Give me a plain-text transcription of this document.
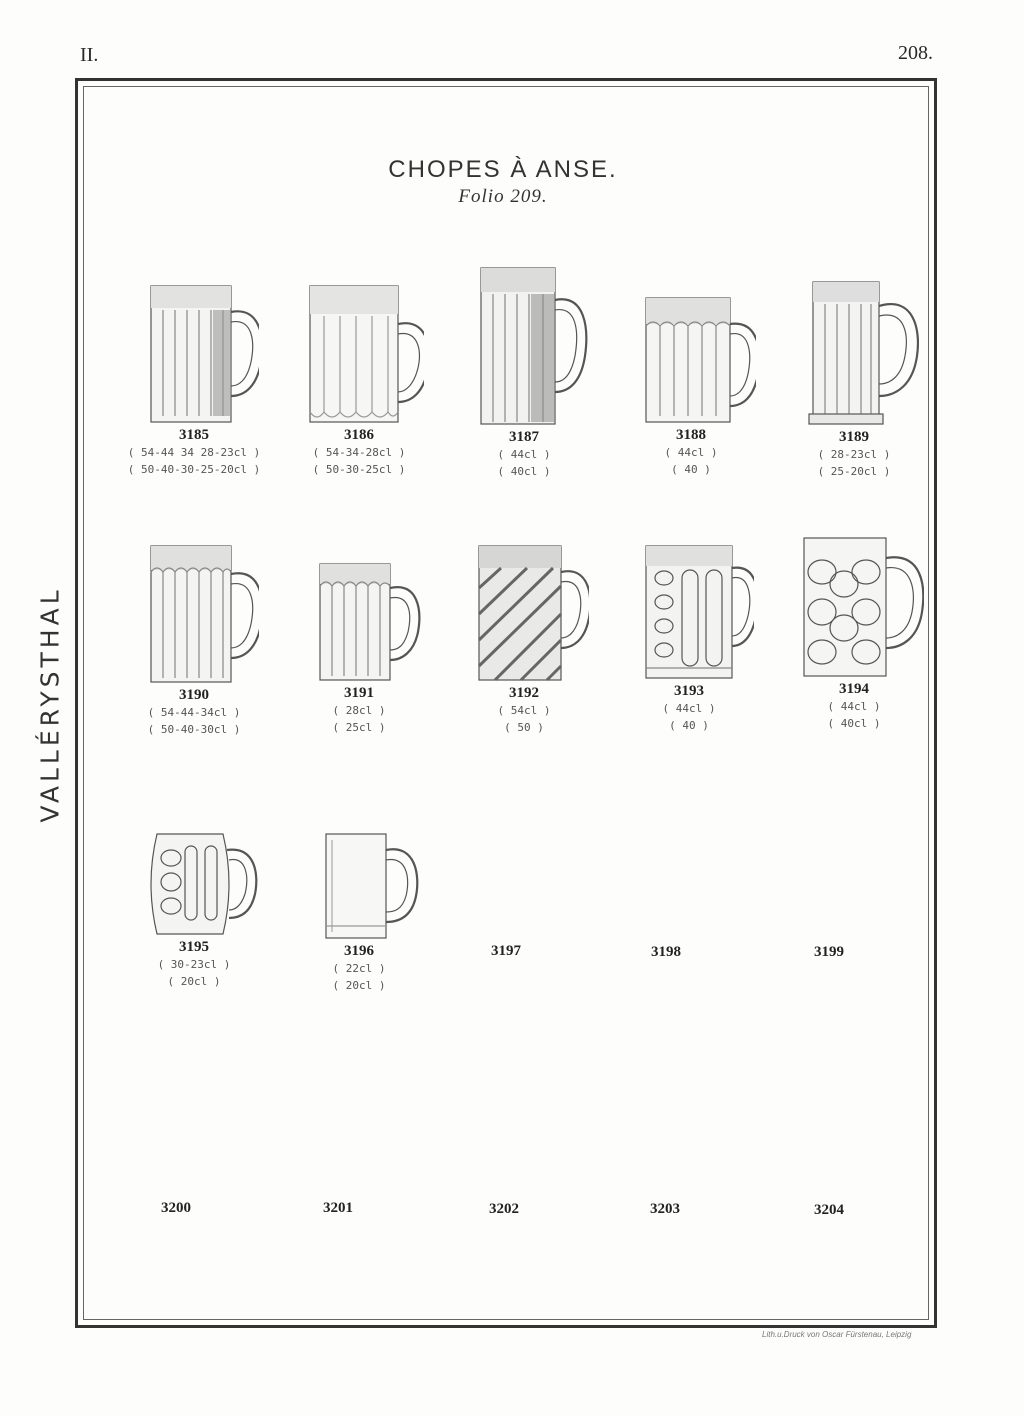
II.	208.
VALLÉRYSTHAL
CHOPES À ANSE.
Folio 209.
3185
( 54-44 34 28-23cl )
( 50-40-30-25-20cl )
3186
( 54-34-28cl )
( 50-30-25cl )
3187
( 44cl )
( 40cl )
3188
( 44cl )
( 40 )
3189
( 28-23cl )
( 25-20cl )
3190
( 54-44-34cl )
( 50-40-30cl )
3191
( 28cl )
( 25cl )
3192
( 54cl )
( 50 )
3193
( 44cl )
( 40 )
3194
( 44cl )
( 40cl )
3195
( 30-23cl )
( 20cl )
3196
( 22cl )
( 20cl )
3197	3198	3199
3200	3201	3202	3203	3204
Lith.u.Druck von Oscar Fürstenau, Leipzig
